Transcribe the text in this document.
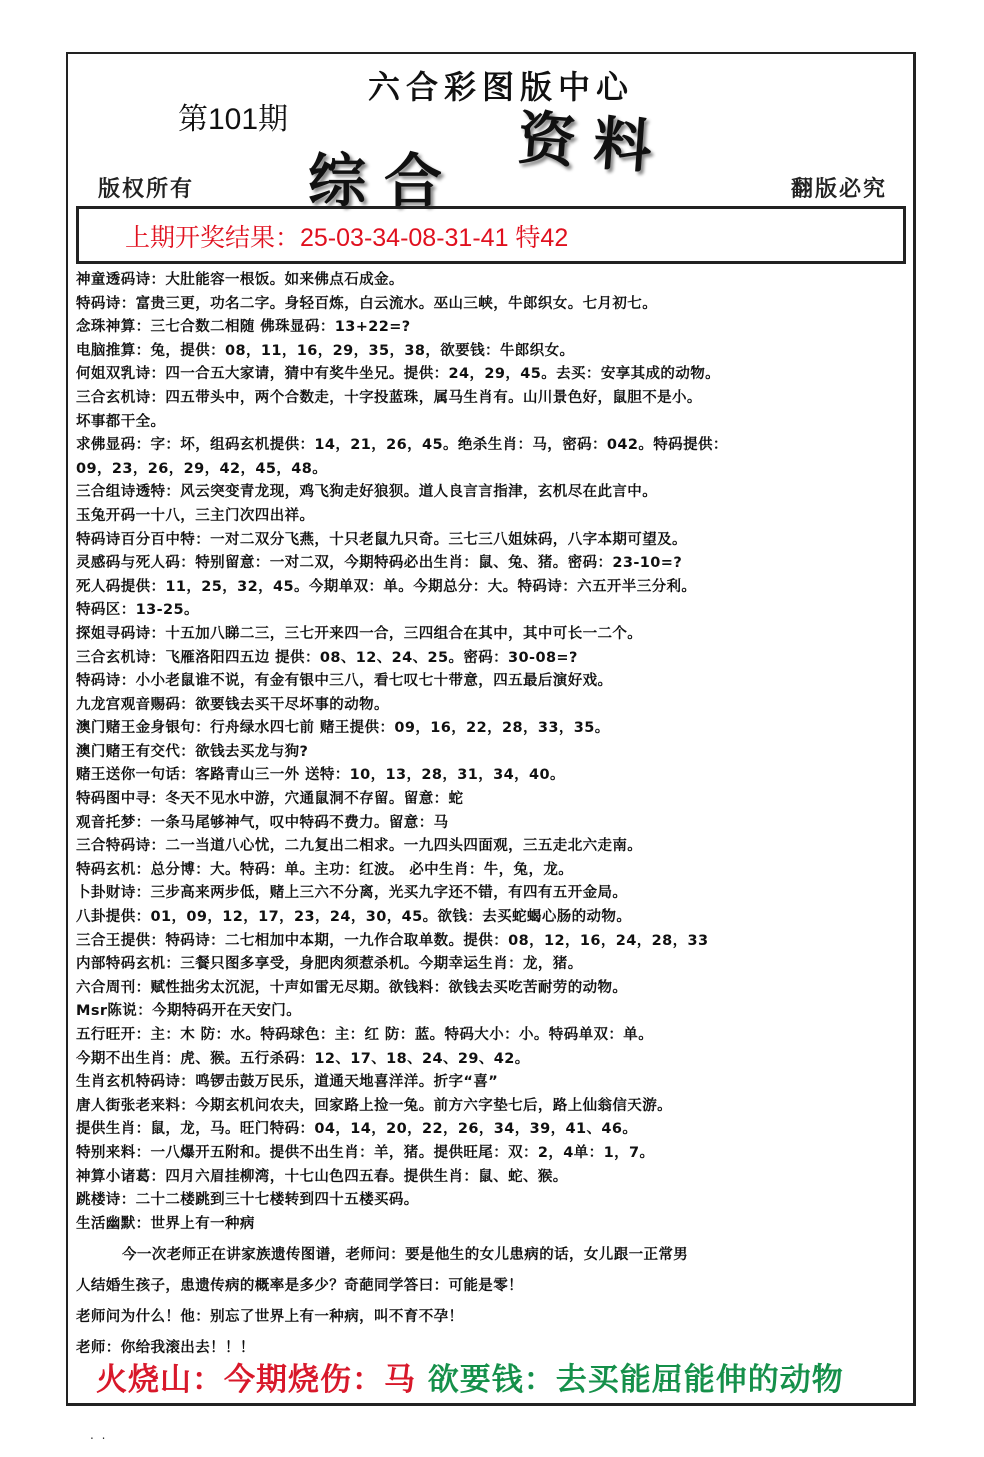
六合彩图版中心
第101期
综合 资料
版权所有	翻版必究
上期开奖结果：25-03-34-08-31-41 特42
神童透码诗：大肚能容一根饭。如来佛点石成金。
特码诗：富贵三更，功名二字。身轻百炼，白云流水。巫山三峡，牛郎织女。七月初七。
念珠神算：三七合数二相随 佛珠显码：13+22=?
电脑推算：兔，提供：08，11，16，29，35，38，欲要钱：牛郎织女。
何姐双乳诗：四一合五大家请，猜中有奖牛坐兄。提供：24，29，45。去买：安享其成的动物。
三合玄机诗：四五带头中，两个合数走，十字投蓝珠，属马生肖有。山川景色好，鼠胆不是小。
坏事都干全。
求佛显码：字：坏，组码玄机提供：14，21，26，45。绝杀生肖：马，密码：042。特码提供：
09，23，26，29，42，45，48。
三合组诗透特：风云突变青龙现，鸡飞狗走好狼狈。道人良言言指津，玄机尽在此言中。
玉兔开码一十八，三主门次四出祥。
特码诗百分百中特：一对二双分飞燕，十只老鼠九只奇。三七三八姐妹码，八字本期可望及。
灵感码与死人码：特别留意：一对二双，今期特码必出生肖：鼠、兔、猪。密码：23-10=?
死人码提供：11，25，32，45。今期单双：单。今期总分：大。特码诗：六五开半三分利。
特码区：13-25。
探姐寻码诗：十五加八睇二三，三七开来四一合，三四组合在其中，其中可长一二个。
三合玄机诗：飞雁洛阳四五边 提供：08、12、24、25。密码：30-08=?
特码诗：小小老鼠谁不说，有金有银中三八，看七叹七十带意，四五最后演好戏。
九龙宫观音赐码：欲要钱去买干尽坏事的动物。
澳门赌王金身银句：行舟绿水四七前 赌王提供：09，16，22，28，33，35。
澳门赌王有交代：欲钱去买龙与狗?
赌王送你一句话：客路青山三一外 送特：10，13，28，31，34，40。
特码图中寻：冬天不见水中游，穴通鼠洞不存留。留意：蛇
观音托梦：一条马尾够神气，叹中特码不费力。留意：马
三合特码诗：二一当道八心忧，二九复出二相求。一九四头四面观，三五走北六走南。
特码玄机：总分博：大。特码：单。主功：红波。 必中生肖：牛，兔，龙。
卜卦财诗：三步高来两步低，赌上三六不分离，光买九字还不错，有四有五开金局。
八卦提供：01，09，12，17，23，24，30，45。欲钱：去买蛇蝎心肠的动物。
三合王提供：特码诗：二七相加中本期，一九作合取单数。提供：08，12，16，24，28，33
内部特码玄机：三餐只图多享受，身肥肉须惹杀机。今期幸运生肖：龙，猪。
六合周刊：赋性拙劣太沉泥，十声如雷无尽期。欲钱料：欲钱去买吃苦耐劳的动物。
Msr陈说：今期特码开在天安门。
五行旺开：主：木 防：水。特码球色：主：红 防：蓝。特码大小：小。特码单双：单。
今期不出生肖：虎、猴。五行杀码：12、17、18、24、29、42。
生肖玄机特码诗：鸣锣击鼓万民乐，道通天地喜洋洋。折字“喜”
唐人街张老来料：今期玄机问农夫，回家路上捡一兔。前方六字垫七后，路上仙翁信天游。
提供生肖：鼠，龙，马。旺门特码：04，14，20，22，26，34，39，41、46。
特别来料：一八爆开五附和。提供不出生肖：羊，猪。提供旺尾：双：2，4单：1，7。
神算小诸葛：四月六眉挂柳湾，十七山色四五春。提供生肖：鼠、蛇、猴。
跳楼诗：二十二楼跳到三十七楼转到四十五楼买码。
生活幽默：世界上有一种病
今一次老师正在讲家族遗传图谱，老师问：要是他生的女儿患病的话，女儿跟一正常男
人结婚生孩子，患遗传病的概率是多少？奇葩同学答曰：可能是零！
老师问为什么！他：别忘了世界上有一种病，叫不育不孕！
老师：你给我滚出去！！！
火烧山：今期烧伤：马 欲要钱：去买能屈能伸的动物
. .
